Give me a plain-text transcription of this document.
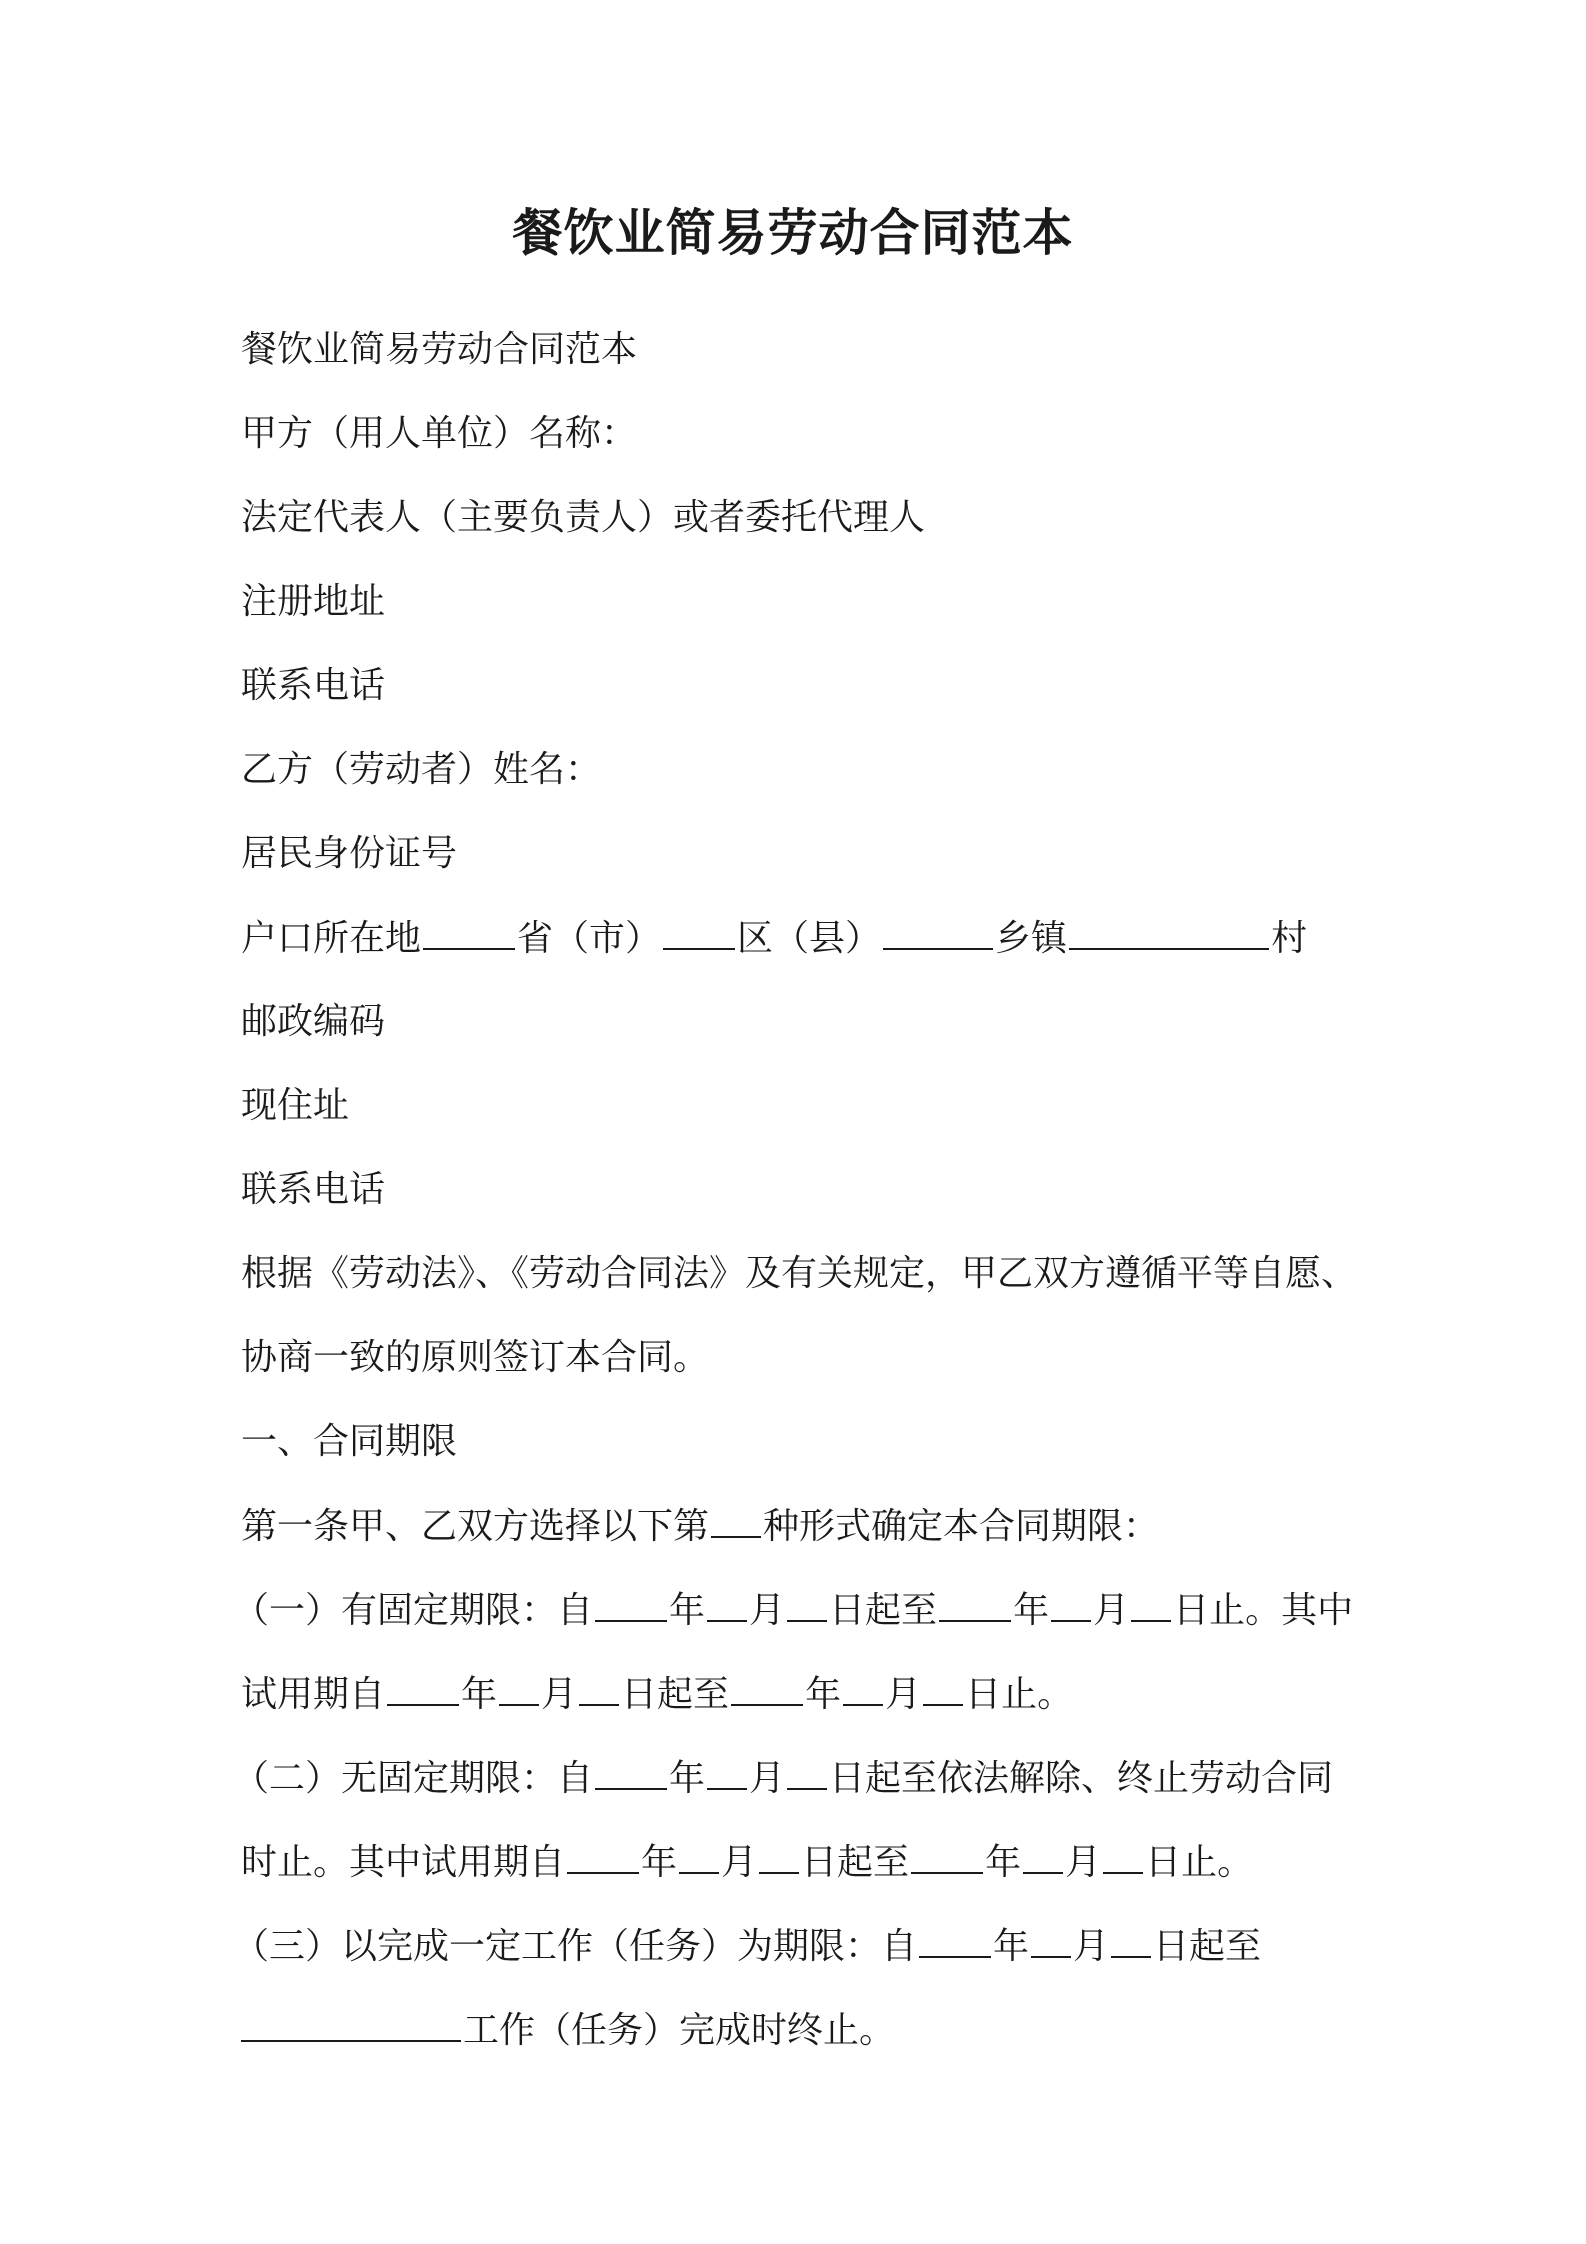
餐饮业简易劳动合同范本

餐饮业简易劳动合同范本

甲方（用人单位）名称：

法定代表人（主要负责人）或者委托代理人

注册地址

联系电话

乙方（劳动者）姓名：

居民身份证号

户口所在地	省（市） 区（县）	乡镇	村

邮政编码

现住址

联系电话

根据《劳动法》、《劳动合同法》及有关规定，甲乙双方遵循平等自愿、

协商一致的原则签订本合同。

一、合同期限

第一条甲、乙双方选择以下第 种形式确定本合同期限：

（一）有固定期限：自 年 月 日起至 年 月 日止。其中

试用期自 年 月 日起至 年 月 日止。

（二）无固定期限：自 年 月 日起至依法解除、终止劳动合同

时止。其中试用期自 年 月 日起至 年 月 日止。

（三）以完成一定工作（任务）为期限：自 年 月 日起至

工作（任务）完成时终止。
